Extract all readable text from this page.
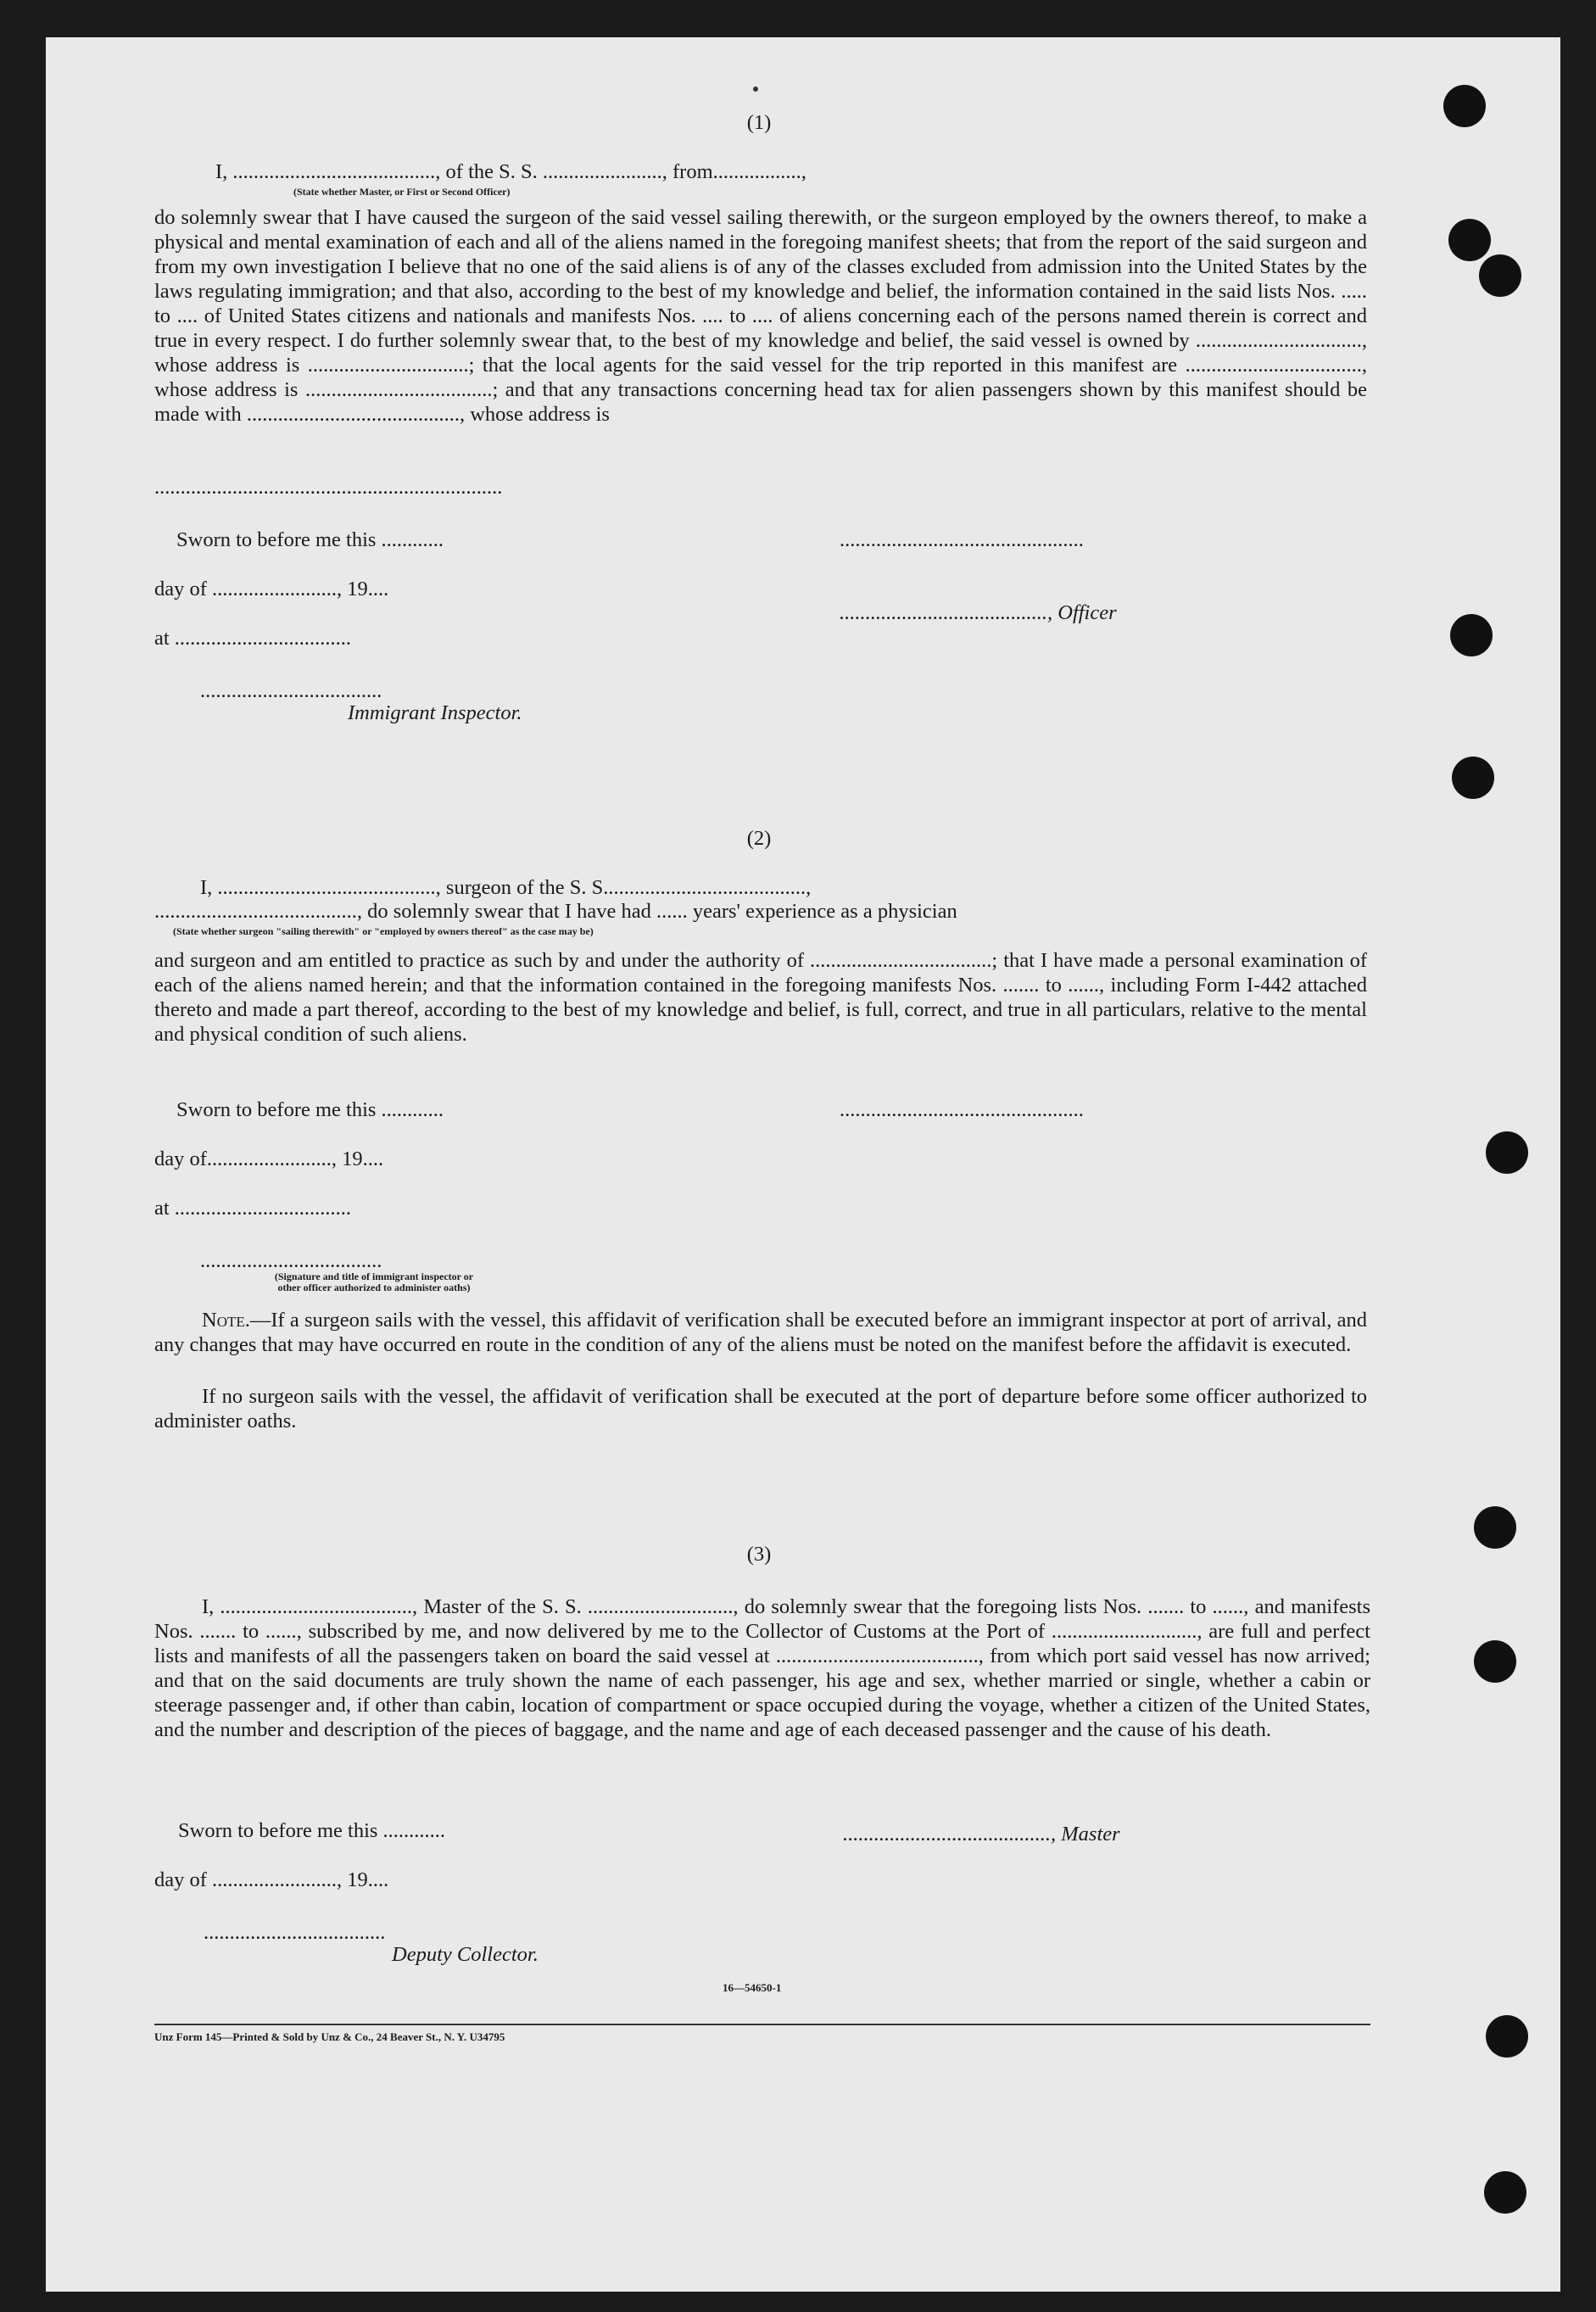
(1)
I, ......................................., of the S. S. ......................., from.................,
(State whether Master, or First or Second Officer)
do solemnly swear that I have caused the surgeon of the said vessel sailing therewith, or the surgeon employed by the owners thereof, to make a physical and mental examination of each and all of the aliens named in the foregoing manifest sheets; that from the report of the said surgeon and from my own investigation I believe that no one of the said aliens is of any of the classes excluded from admission into the United States by the laws regulating immigration; and that also, according to the best of my knowledge and belief, the information contained in the said lists Nos. ..... to .... of United States citizens and nationals and manifests Nos. .... to .... of aliens concerning each of the persons named therein is correct and true in every respect. I do further solemnly swear that, to the best of my knowledge and belief, the said vessel is owned by ................................, whose address is ...............................; that the local agents for the said vessel for the trip reported in this manifest are .................................., whose address is ....................................; and that any transactions concerning head tax for alien passengers shown by this manifest should be made with ........................................., whose address is
...................................................................
Sworn to before me this ............	...............................................
day of ........................, 19....
........................................, Officer
at ..................................
...................................
Immigrant Inspector.
(2)
I, .........................................., surgeon of the S. S.......................................,
......................................., do solemnly swear that I have had ...... years' experience as a physician
(State whether surgeon "sailing therewith" or "employed by owners thereof" as the case may be)
and surgeon and am entitled to practice as such by and under the authority of ...................................; that I have made a personal examination of each of the aliens named herein; and that the information contained in the foregoing manifests Nos. ....... to ......, including Form I-442 attached thereto and made a part thereof, according to the best of my knowledge and belief, is full, correct, and true in all particulars, relative to the mental and physical condition of such aliens.
Sworn to before me this ............	...............................................
day of........................, 19....
at ..................................
...................................
(Signature and title of immigrant inspector or
other officer authorized to administer oaths)
Note.—If a surgeon sails with the vessel, this affidavit of verification shall be executed before an immigrant inspector at port of arrival, and any changes that may have occurred en route in the condition of any of the aliens must be noted on the manifest before the affidavit is executed.
If no surgeon sails with the vessel, the affidavit of verification shall be executed at the port of departure before some officer authorized to administer oaths.
(3)
I, ....................................., Master of the S. S. ............................, do solemnly swear that the foregoing lists Nos. ....... to ......, and manifests Nos. ....... to ......, subscribed by me, and now delivered by me to the Collector of Customs at the Port of ............................, are full and perfect lists and manifests of all the passengers taken on board the said vessel at ......................................., from which port said vessel has now arrived; and that on the said documents are truly shown the name of each passenger, his age and sex, whether married or single, whether a cabin or steerage passenger and, if other than cabin, location of compartment or space occupied during the voyage, whether a citizen of the United States, and the number and description of the pieces of baggage, and the name and age of each deceased passenger and the cause of his death.
Sworn to before me this ............	........................................, Master
day of ........................, 19....
...................................
Deputy Collector.
16—54650-1
Unz Form 145—Printed & Sold by Unz & Co., 24 Beaver St., N. Y. U34795
